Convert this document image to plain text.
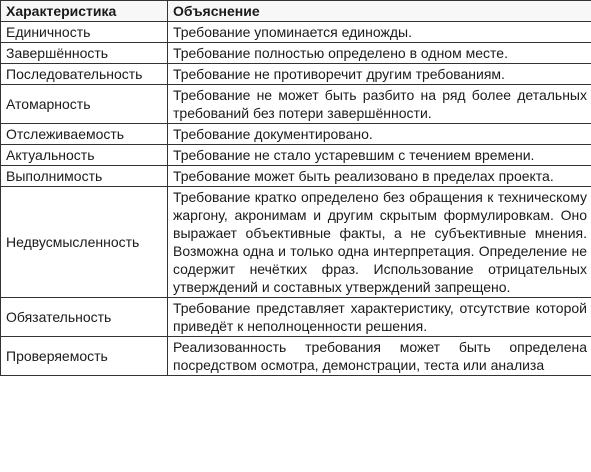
Характеристика	Объяснение
Единичность	Требование упоминается единожды.
Завершённость	Требование полностью определено в одном месте.
Последовательность	Требование не противоречит другим требованиям.
Атомарность	Требование не может быть разбито на ряд более детальных требований без потери завершённости.
Отслеживаемость	Требование документировано.
Актуальность	Требование не стало устаревшим с течением времени.
Выполнимость	Требование может быть реализовано в пределах проекта.
Недвусмысленность	Требование кратко определено без обращения к техническому жаргону, акронимам и другим скрытым формулировкам. Оно выражает объективные факты, а не субъективные мнения. Возможна одна и только одна интерпретация. Определение не содержит нечётких фраз. Использование отрицательных утверждений и составных утверждений запрещено.
Обязательность	Требование представляет характеристику, отсутствие которой приведёт к неполноценности решения.
Проверяемость	Реализованность требования может быть определена посредством осмотра, демонстрации, теста или анализа
